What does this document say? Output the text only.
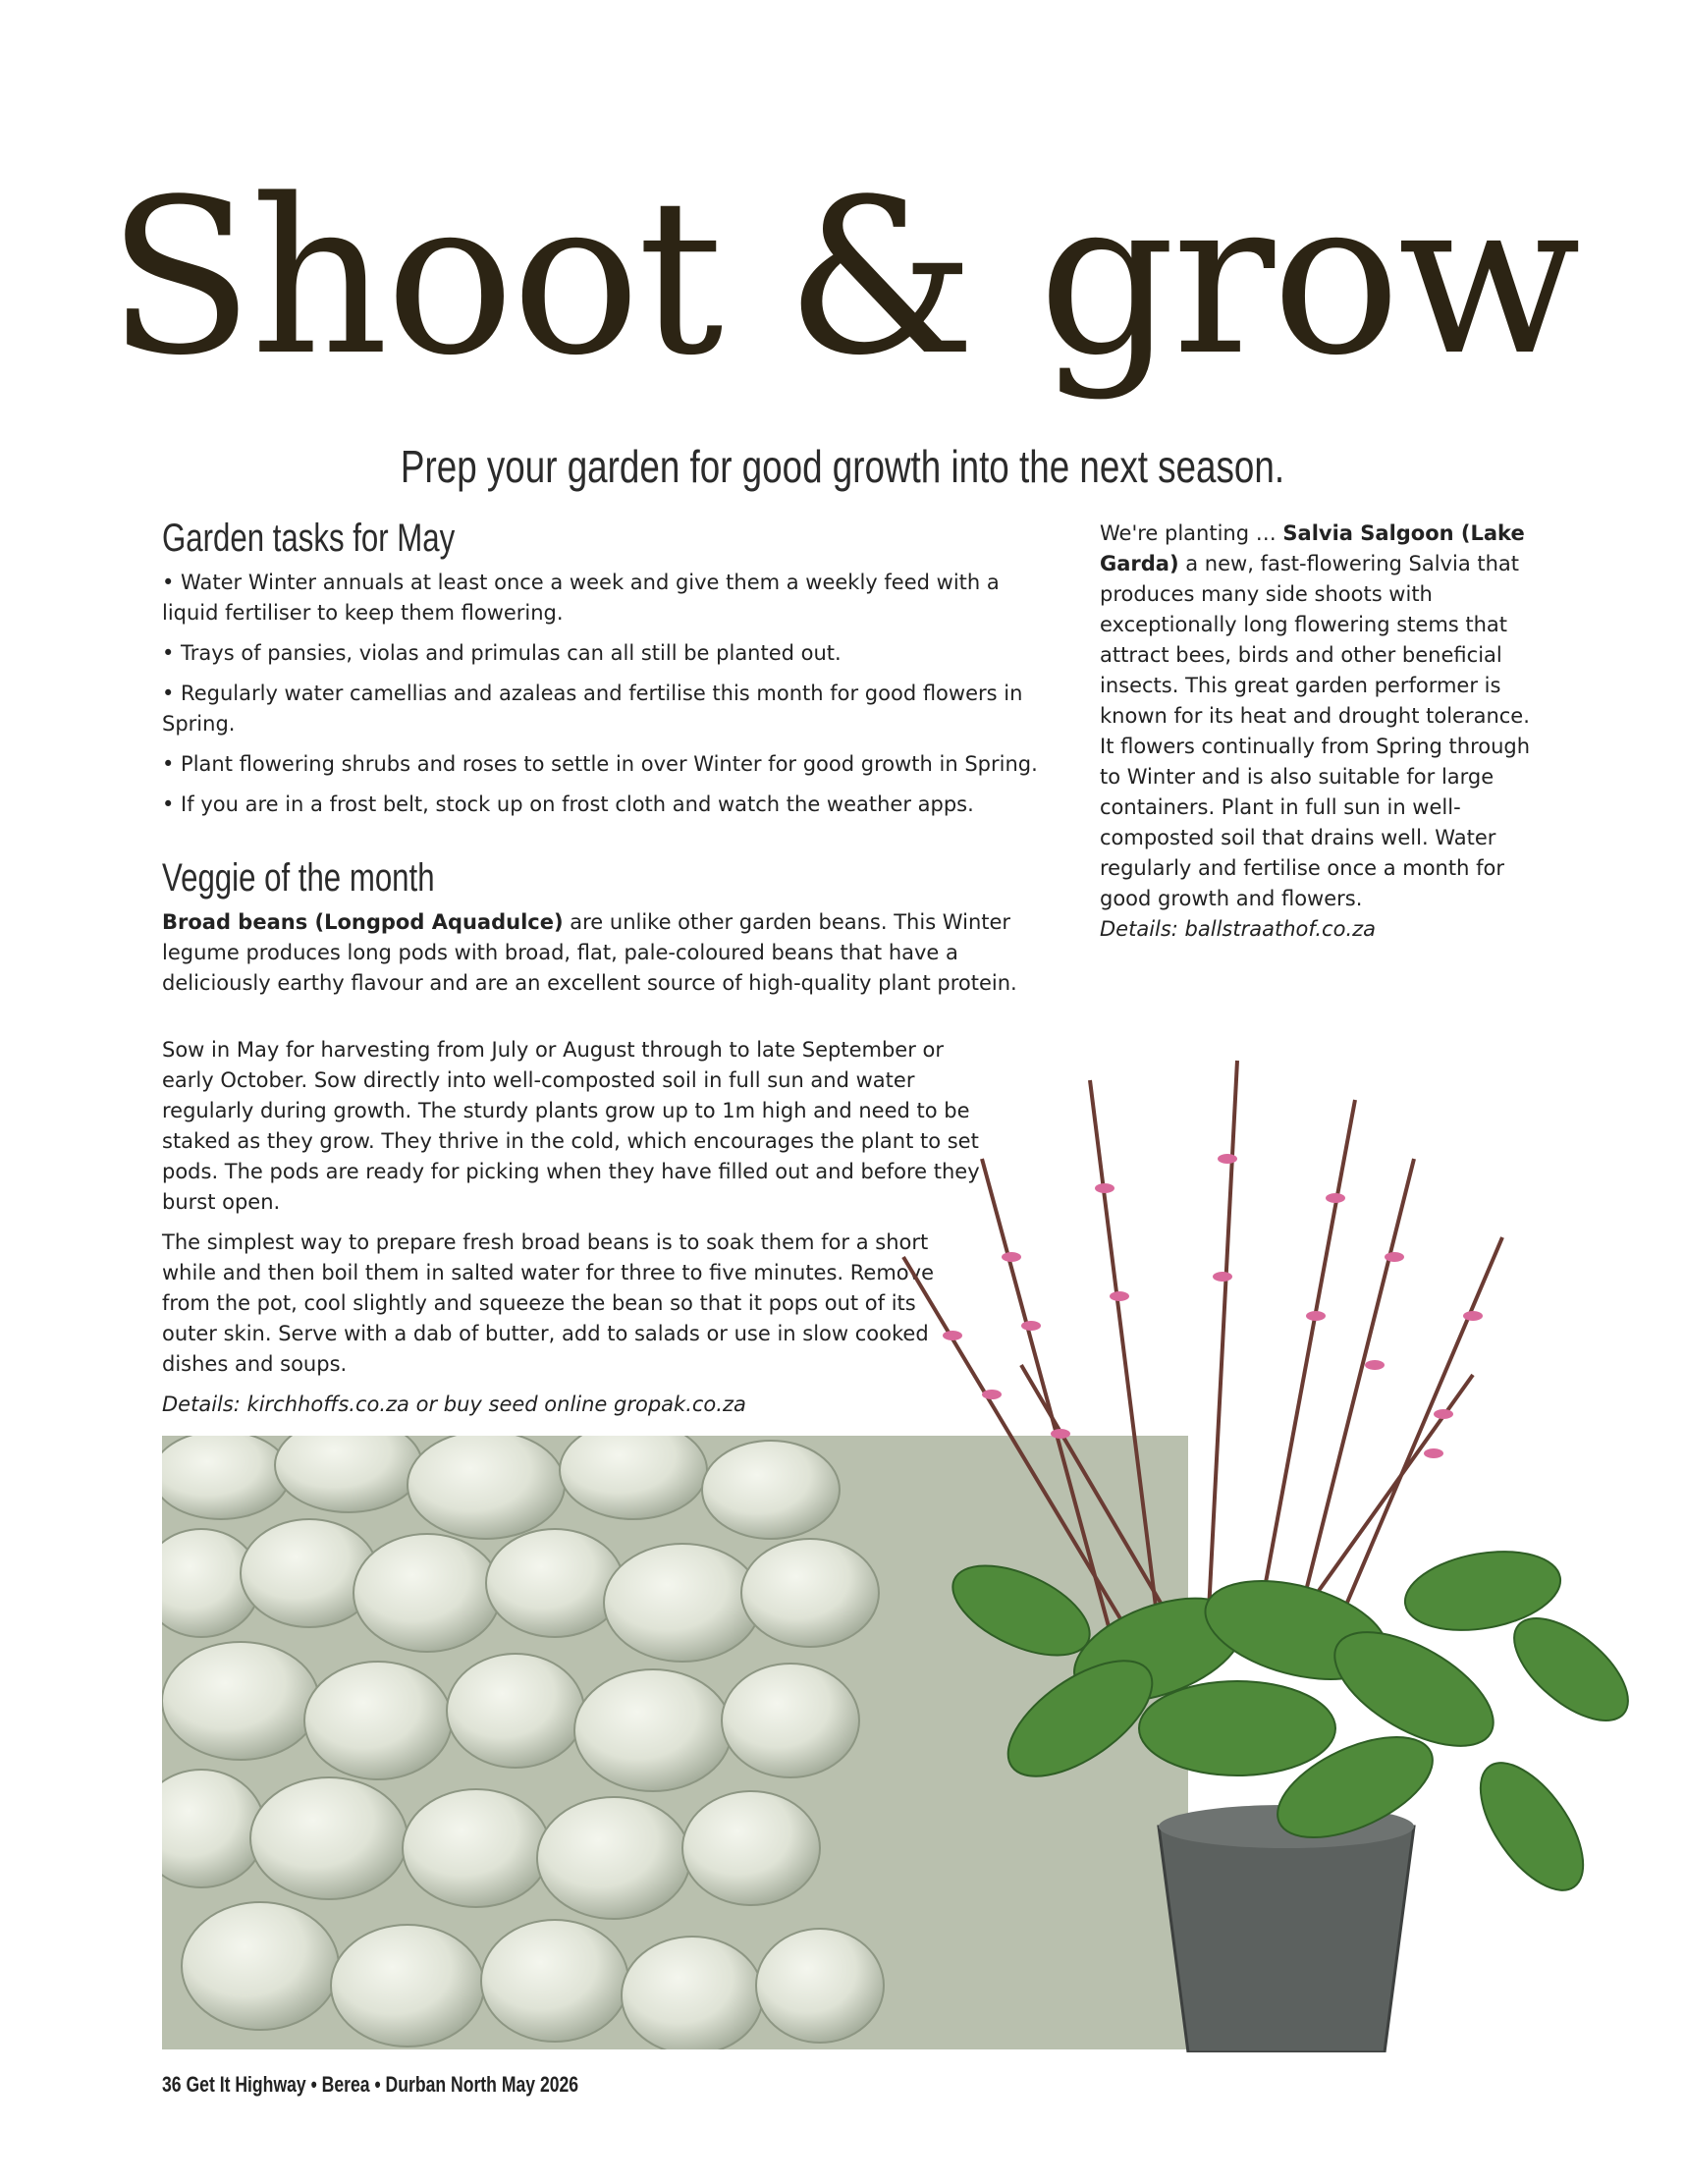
Shoot & grow
Prep your garden for good growth into the next season.
Garden tasks for May

• Water Winter annuals at least once a week and give them a weekly feed with a liquid fertiliser to keep them flowering.

• Trays of pansies, violas and primulas can all still be planted out.

• Regularly water camellias and azaleas and fertilise this month for good flowers in Spring.

• Plant flowering shrubs and roses to settle in over Winter for good growth in Spring.

• If you are in a frost belt, stock up on frost cloth and watch the weather apps.

Veggie of the month

Broad beans (Longpod Aquadulce) are unlike other garden beans. This Winter legume produces long pods with broad, flat, pale-coloured beans that have a deliciously earthy flavour and are an excellent source of high-quality plant protein.

Sow in May for harvesting from July or August through to late September or early October. Sow directly into well-composted soil in full sun and water regularly during growth. The sturdy plants grow up to 1m high and need to be staked as they grow. They thrive in the cold, which encourages the plant to set pods. The pods are ready for picking when they have filled out and before they burst open.

The simplest way to prepare fresh broad beans is to soak them for a short while and then boil them in salted water for three to five minutes. Remove from the pot, cool slightly and squeeze the bean so that it pops out of its outer skin. Serve with a dab of butter, add to salads or use in slow cooked dishes and soups.

Details: kirchhoffs.co.za or buy seed online gropak.co.za

We're planting … Salvia Salgoon (Lake Garda) a new, fast-flowering Salvia that produces many side shoots with exceptionally long flowering stems that attract bees, birds and other beneficial insects. This great garden performer is known for its heat and drought tolerance. It flowers continually from Spring through to Winter and is also suitable for large containers. Plant in full sun in well-composted soil that drains well. Water regularly and fertilise once a month for good growth and flowers.
Details: ballstraathof.co.za
36 Get It Highway • Berea • Durban North May 2026
